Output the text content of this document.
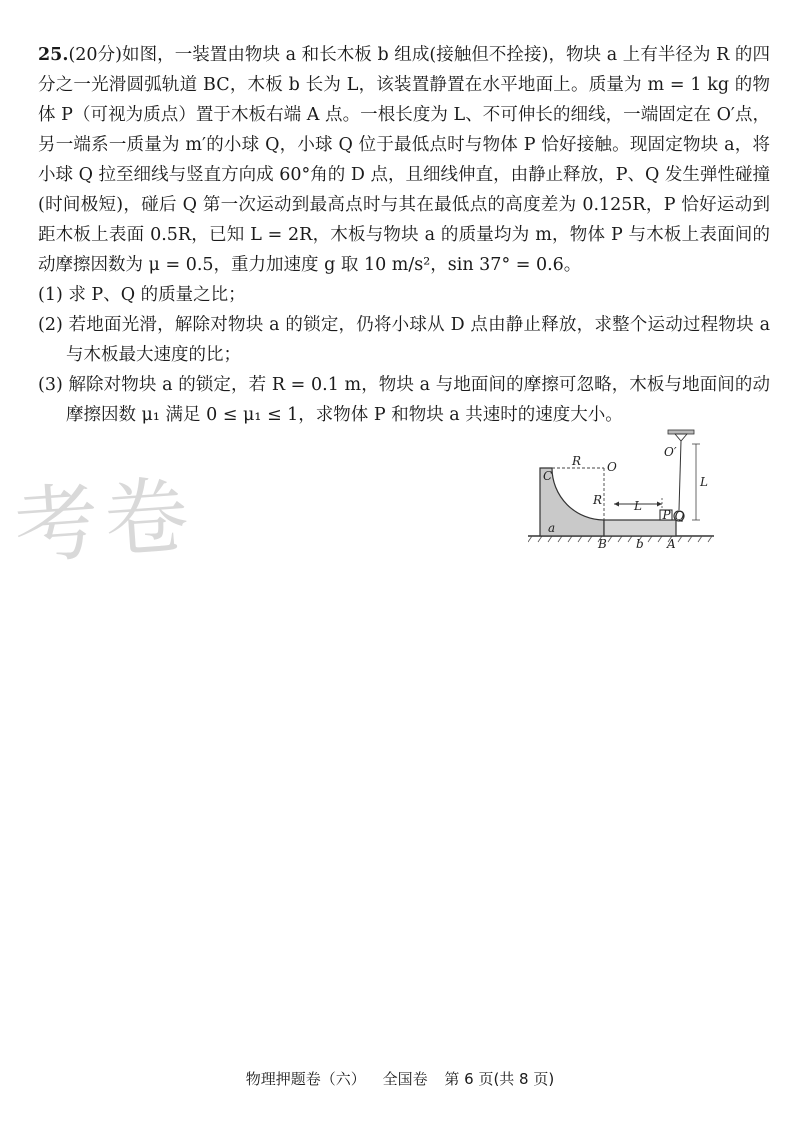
25.(20分)如图，一装置由物块 a 和长木板 b 组成(接触但不拴接)，物块 a 上有半径为 R 的四分之一光滑圆弧轨道 BC，木板 b 长为 L，该装置静置在水平地面上。质量为 m = 1 kg 的物体 P（可视为质点）置于木板右端 A 点。一根长度为 L、不可伸长的细线，一端固定在 O′点，另一端系一质量为 m′的小球 Q，小球 Q 位于最低点时与物体 P 恰好接触。现固定物块 a，将小球 Q 拉至细线与竖直方向成 60°角的 D 点，且细线伸直，由静止释放，P、Q 发生弹性碰撞(时间极短)，碰后 Q 第一次运动到最高点时与其在最低点的高度差为 0.125R，P 恰好运动到距木板上表面 0.5R，已知 L = 2R，木板与物块 a 的质量均为 m，物体 P 与木板上表面间的动摩擦因数为 μ = 0.5，重力加速度 g 取 10 m/s²，sin 37° = 0.6。

(1) 求 P、Q 的质量之比；

(2) 若地面光滑，解除对物块 a 的锁定，仍将小球从 D 点由静止释放，求整个运动过程物块 a 与木板最大速度的比；

(3) 解除对物块 a 的锁定，若 R = 0.1 m，物块 a 与地面间的摩擦可忽略，木板与地面间的动摩擦因数 μ₁ 满足 0 ≤ μ₁ ≤ 1，求物体 P 和物块 a 共速时的速度大小。

考卷	C
R O
R	L
P Q
O′
L
a
B b A
物理押题卷（六） 全国卷 第 6 页(共 8 页)
